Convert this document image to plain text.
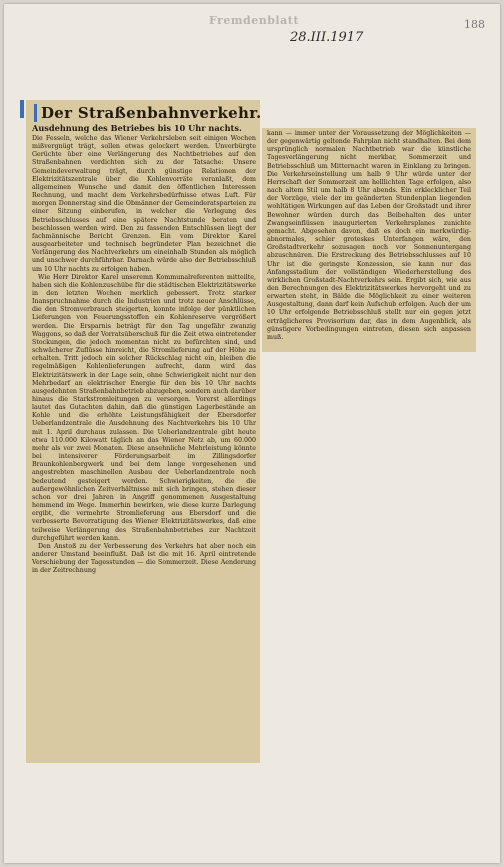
Fremdenblatt
28.III.1917
188
Der Straßenbahnverkehr.
Ausdehnung des Betriebes bis 10 Uhr nachts.

Die Fesseln, welche das Wiener Verkehrsleben seit einigen Wochen mißvergnügt trägt, sollen etwas gelockert werden. Unverbürgte Gerüchte über eine Verlängerung des Nachtbetriebes auf den Straßenbahnen verdichten sich zu der Tatsache: Unsere Gemeindeverwaltung trägt, durch günstige Relationen der Elektrizitätszentrale über die Kohlenvorräte veranlaßt, dem allgemeinen Wunsche und damit den öffentlichen Interessen Rechnung, und macht dem Verkehrsbedürfnisse etwas Luft. Für morgen Donnerstag sind die Obmänner der Gemeinderatsparteien zu einer Sitzung einberufen, in welcher die Verlegung des Betriebsschlusses auf eine spätere Nachtstunde beraten und beschlossen werden wird. Den zu fassenden Entschlüssen liegt der fachmännische Bericht Grenzen. Ein vom Direktor Karel ausgearbeiteter und technisch begründeter Plan bezeichnet die Verlängerung des Nachtverkehrs um eineinhalb Stunden als möglich und unschwer durchführbar. Darnach würde also der Betriebsschluß um 10 Uhr nachts zu erfolgen haben.

Wie Herr Direktor Karel unseremn Kommunalreferenten mitteilte, haben sich die Kohlenzuschübe für die städtischen Elektrizitätswerke in den letzten Wochen merklich gebessert. Trotz starker Inanspruchnahme durch die Industrien und trotz neuer Anschlüsse, die den Stromverbrauch steigerten, konnte infolge der pünktlichen Lieferungen von Feuerungsstoffen ein Kohlenreserve vergrößert werden. Die Ersparnis beträgt für den Tag ungefähr zwanzig Waggons, so daß der Vorratsüberschuß für die Zeit etwa eintretender Stockungen, die jedoch momentan nicht zu befürchten sind, und schwächerer Zuflüsse hinreicht, die Stromlieferung auf der Höhe zu erhalten. Tritt jedoch ein solcher Rückschlag nicht ein, bleiben die regelmäßigen Kohlenlieferungen aufrecht, dann wird das Elektrizitätswerk in der Lage sein, ohne Schwierigkeit nicht nur den Mehrbedarf an elektrischer Energie für den bis 10 Uhr nachts ausgedehnten Straßenbahnbetrieb abzugeben, sondern auch darüber hinaus die Starkstromleitungen zu versorgen. Vorerst allerdings lautet das Gutachten dahin, daß die günstigen Lagerbestände an Kohle und die erhöhte Leistungsfähigkeit der Ebersdorfer Ueberlandzentrale die Ausdehnung des Nachtverkehrs bis 10 Uhr mit 1. April durchaus zulassen. Die Ueberlandzentrale gibt heute etwa 110.000 Kilowatt täglich an das Wiener Netz ab, um 60.000 mehr als vor zwei Monaten. Diese ansehnliche Mehrleistung könnte bei intensiverer Förderungsarbeit im Zillingsdorfer Braunkohlenbergwerk und bei dem lange vorgesehenen und angestrebten maschinellen Ausbau der Ueberlandzentrale noch bedeutend gesteigert werden. Schwierigkeiten, die die außergewöhnlichen Zeitverhältnisse mit sich bringen, stehen dieser schon vor drei Jahren in Angriff genommenen Ausgestaltung hemmend im Wege. Immerhin bewirken, wie diese kurze Darlegung ergibt, die vermehrte Stromlieferung aus Ebersdorf und die verbesserte Bevorratigung des Wiener Elektrizitätswerkes, daß eine teilweise Verlängerung des Straßenbahnbetriebes zur Nachtzeit durchgeführt werden kann.

Den Anstoß zu der Verbesserung des Verkehrs hat aber noch ein anderer Umstand beeinflußt. Daß ist die mit 16. April eintretende Verschiebung der Tagesstunden — die Sommerzeit. Diese Aenderung in der Zeitrechnung

kann — immer unter der Voraussetzung der Möglichkeiten — der gegenwärtig geltende Fahrplan nicht standhalten. Bei dem ursprünglich normalen Nachtbetrieb war die künstliche Tagesverlängerung nicht merkbar, Sommerzeit und Betriebsschluß um Mitternacht waren in Einklang zu bringen. Die Verkehrseinstellung um halb 9 Uhr würde unter der Herrschaft der Sommerzeit am helllichten Tage erfolgen, also nach altem Stil um halb 8 Uhr abends. Ein erklecklicher Teil der Vorzüge, viele der im geänderten Stundenplan liegenden wohltätigen Wirkungen auf das Leben der Großstadt und ihrer Bewohner würden durch das Beibehalten des unter Zwangseinflüssen inaugurierten Verkehrsplanes zunichte gemacht. Abgesehen davon, daß es doch ein merkwürdig-abnormales, schier groteskes Unterfangen wäre, den Großstadtverkehr sozusagen noch vor Sonnenuntergang abzuschnüren. Die Erstreckung des Betriebsschlusses auf 10 Uhr ist die geringste Konzession, sie kann nur das Anfangsstadium der vollständigen Wiederherstellung des wirklichen Großstadt-Nachtverkehrs sein. Ergibt sich, wie aus den Berechnungen des Elektrizitätswerkes hervorgeht und zu erwarten steht, in Bälde die Möglichkeit zu einer weiteren Ausgestaltung, dann darf kein Aufschub erfolgen. Auch der um 10 Uhr erfolgende Betriebsschluß stellt nur ein gegen jetzt erträglicheres Provisorium dar, das in dem Augenblick, als günstigere Vorbedingungen eintreten, diesen sich anpassen muß.
